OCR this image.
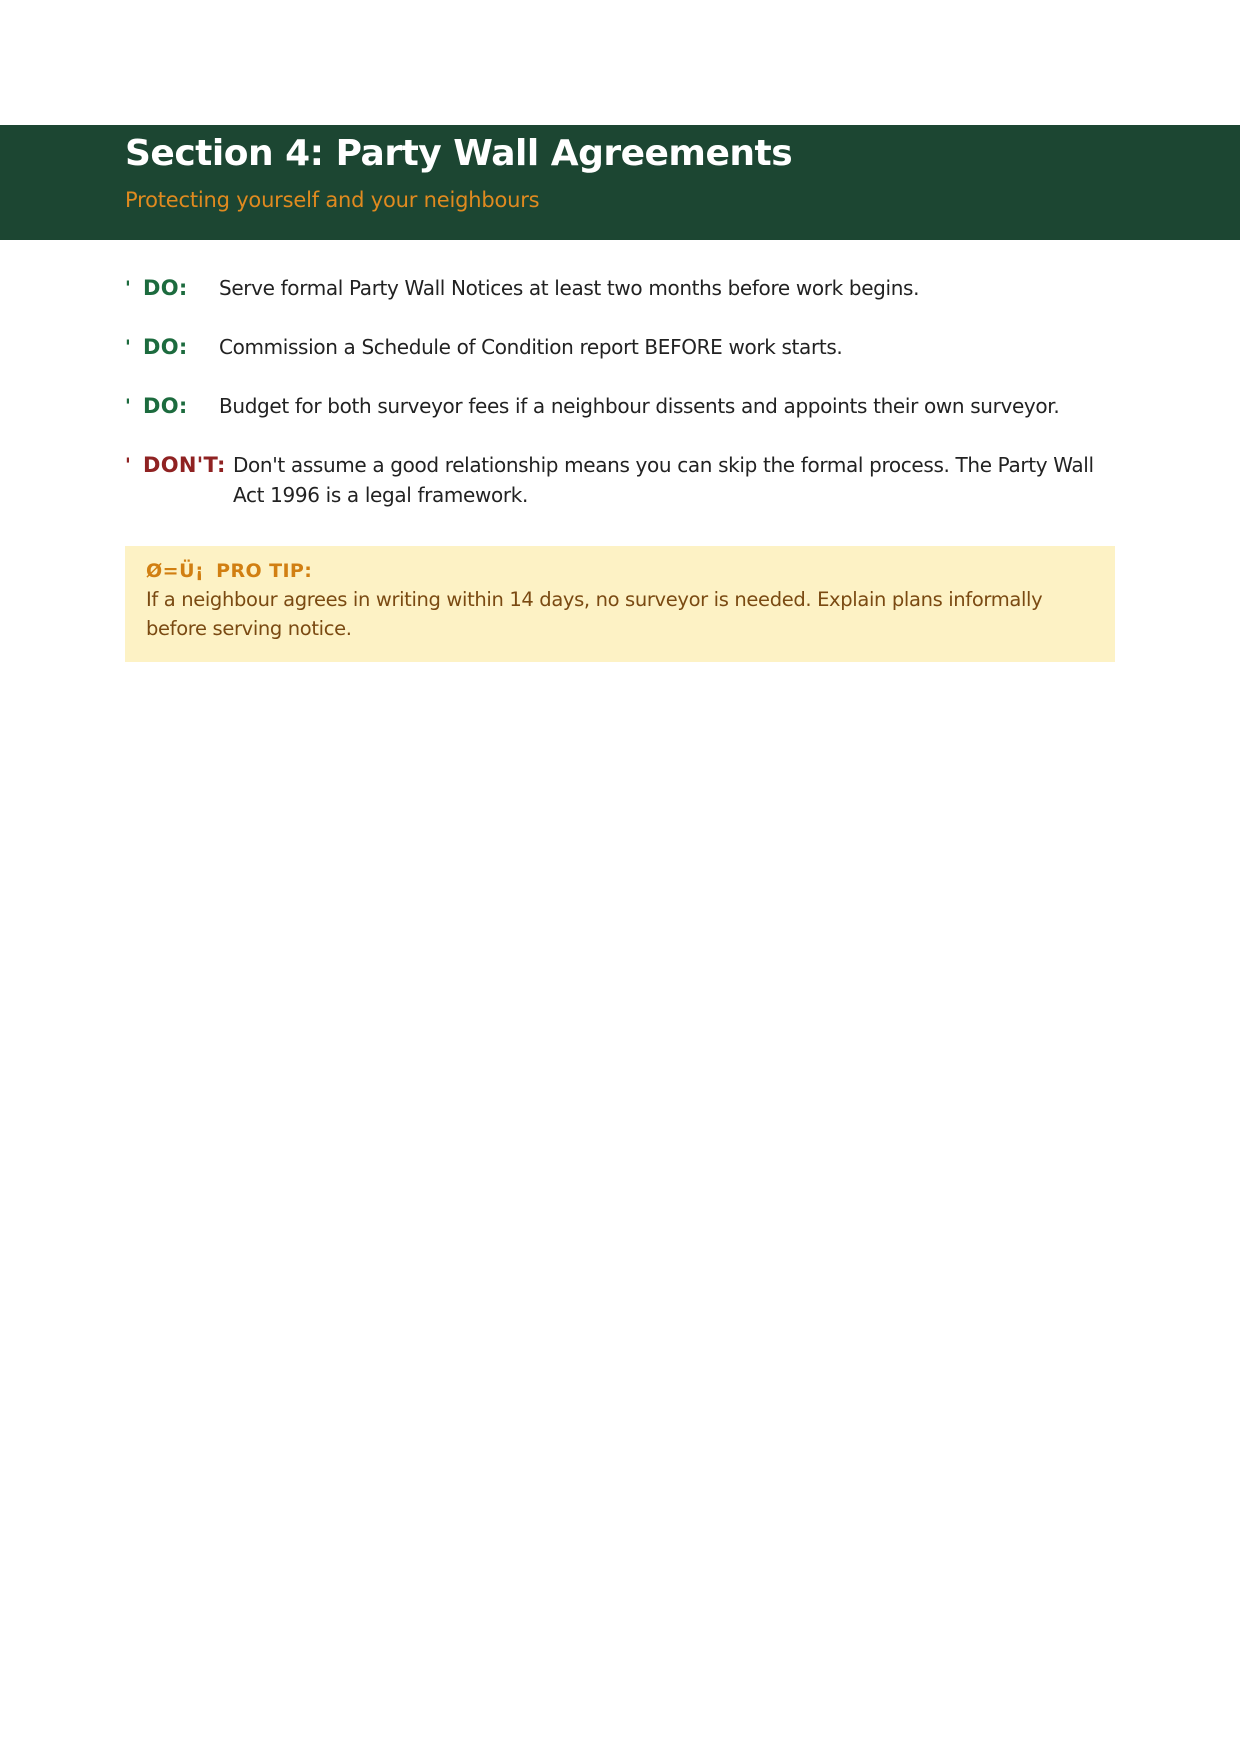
Section 4: Party Wall Agreements

Protecting yourself and your neighbours

' DO:	Serve formal Party Wall Notices at least two months before work begins.
' DO:	Commission a Schedule of Condition report BEFORE work starts.
' DO:	Budget for both surveyor fees if a neighbour dissents and appoints their own surveyor.
' DON'T: Don't assume a good relationship means you can skip the formal process. The Party Wall Act 1996 is a legal framework.
Ø=Ü¡ PRO TIP:
If a neighbour agrees in writing within 14 days, no surveyor is needed. Explain plans informally before serving notice.
